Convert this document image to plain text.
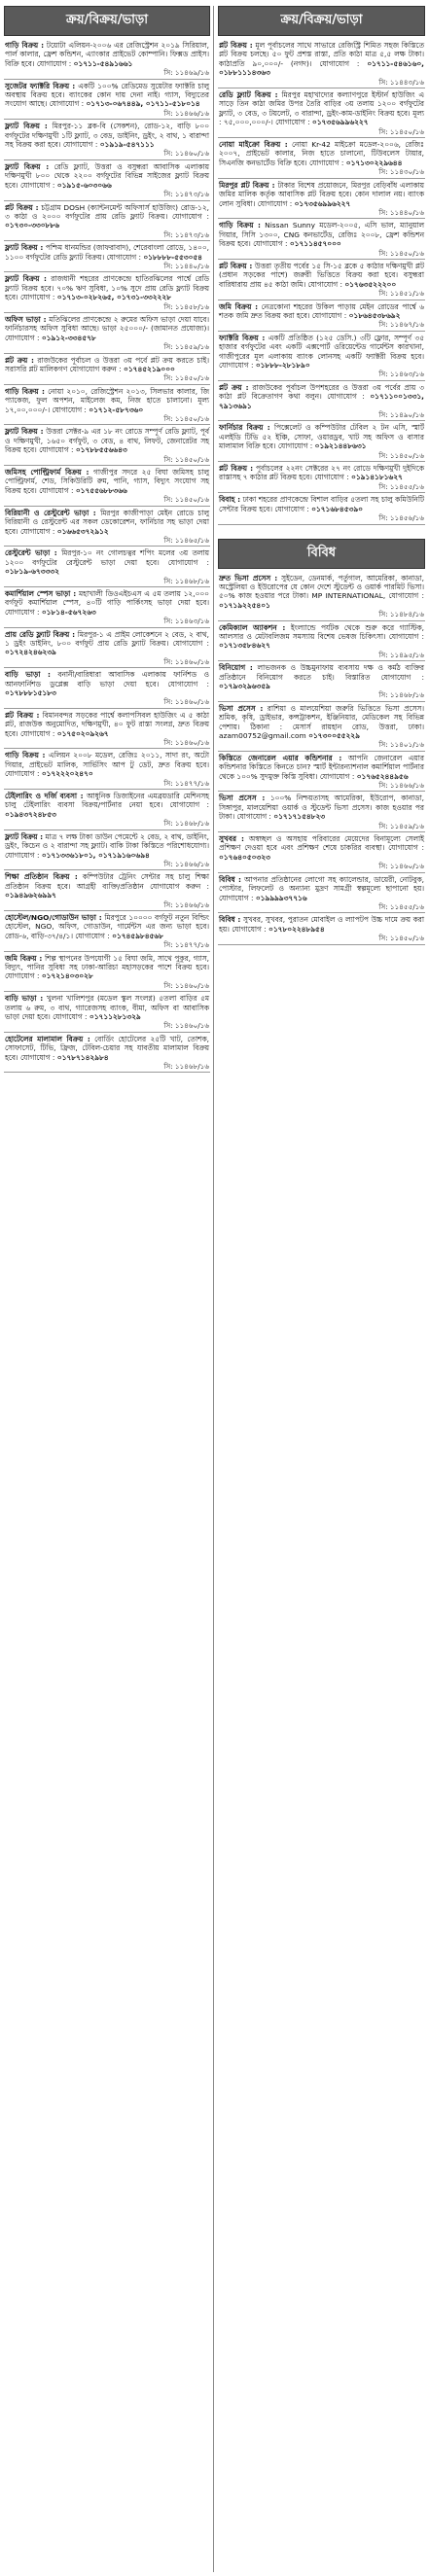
ক্রয়/বিক্রয়/ভাড়া

গাড়ি বিক্রয় : টয়োটা এলিয়ন-২০০৬ এর রেজিস্ট্রেশন ২০১৯ সিরিয়াল, পার্ল কালার, ফ্রেশ কন্ডিশন, এ্যাংকার প্রাইভেট কোম্পানি। ফিক্সড প্রাইস। বিক্রি হবে। যোগাযোগ : ০১৭১১-৫৪৯১৬৬১
সি: ১১৪৬৯/১৬

সুজেটর ফ্যাক্টরি বিক্রয় : একটি ১০০% রেডিমেড সুয়েটার ফ্যাক্টরি চালু অবস্থায় বিক্রয় হবে। ব্যাংকের কোন দায় দেনা নাই। গ্যাস, বিদ্যুতের সংযোগ আছে। যোগাযোগ : ০১৭১৩-০৬৭৪৪৯, ০১৭১১-৫১৮০১৪
সি: ১১৪৬৬/১৬

ফ্ল্যাট বিক্রয় : মিরপুর-১১ ব্লক-বি (সেকশন), রোড-১২, বাড়ি ৮০০ বর্গফুটের দক্ষিণমুখী ১টি ফ্ল্যাট, ৩ বেড, ডাইনিং, ড্রইং, ২ বাথ, ১ বারান্দা সহ বিক্রয় করা হবে। যোগাযোগ : ০১৯১৯-৫৪৭১১১
সি: ১১৪৬০/১৬

ফ্ল্যাট বিক্রয় : রেডি ফ্ল্যাট, উত্তরা ও বসুন্ধরা আবাসিক এলাকায় দক্ষিণমুখী ৮০০ থেকে ২২০০ বর্গফুটের বিভিন্ন সাইজের ফ্ল্যাট বিক্রয় হবে। যোগাযোগ : ০১৯১৫-৬০৩০৬৬
সি: ১১৪৭৩/১৬

প্লট বিক্রয় : চট্টগ্রাম DOSH (ক্যান্টনমেন্ট অফিসার্স হাউজিং) রোড-১২, ৩ কাঠা ও ২০০০ বর্গফুটের প্রায় রেডি ফ্ল্যাট বিক্রয়। যোগাযোগ : ০১৭৩০-৩৩০৮৮৬
সি: ১১৪৭৩/১৬

ফ্ল্যাট বিক্রয় : পশ্চিম ধানমন্ডির (জাফরাবাদ), শেরেবাংলা রোডে, ১৪০০, ১১০০ বর্গফুটের রেডি ফ্ল্যাট বিক্রয়। যোগাযোগ : ০১৮৮৮৮-৫৫৩০৫৪
সি: ১১৪৪০/১৬

ফ্ল্যাট বিক্রয় : রাজধানী শহরের প্রাণকেন্দ্রে হাতিরঝিলের পার্শ্বে রেডি ফ্ল্যাট বিক্রয় হবে। ৭০% ঋণ সুবিধা, ১০% সুদে প্রায় রেডি ফ্ল্যাট বিক্রয় হবে। যোগাযোগ : ০১৭১৩-০২৮২৬৫, ০১৭৩১-৩৩২২২৮
সি: ১১৪৫৮/১৬

অফিস ভাড়া : মতিঝিলের প্রাণকেন্দ্রে ২ রুমের অফিস ভাড়া দেয়া যাবে। ফার্নিচারসহ অফিস সুবিধা আছে। ভাড়া ২৫০০০/- (জামানত প্রযোজ্য)। যোগাযোগ : ০১৯১২-৩৩৪৫৭৮
সি: ১১৪৫৯/১৬

প্লট ক্রয় : রাজউকের পূর্বাচল ও উত্তরা ৩য় পর্বে প্লট ক্রয় করতে চাই। সরাসরি প্লট মালিকগণ যোগাযোগ করুন : ০১৭৪৫২১৯০০০
সি: ১১৪৫০/১৬

গাড়ি বিক্রয় : নোয়া ২০১০, রেজিস্ট্রেশন ২০১৩, সিলভার কালার, জি প্যাকেজ, ফুল অপশন, মাইলেজ কম, নিজ হাতে চালানো। মূল্য ১৭,০০,০০০/-। যোগাযোগ : ০১৭১২-৫৮৭৩৬০
সি: ১১৪৫০/১৬

ফ্ল্যাট বিক্রয় : উত্তরা সেক্টর-৯ এর ১৮ নং রোডে সম্পূর্ণ রেডি ফ্ল্যাট, পূর্ব ও দক্ষিণমুখী, ১৬৫০ বর্গফুট, ৩ বেড, ৪ বাথ, লিফট, জেনারেটর সহ বিক্রয় হবে। যোগাযোগ : ০১৭৮৮৫৫৬৬৪৩
সি: ১১৪৫০/১৬

জমিসহ পোল্ট্রিফার্ম বিক্রয় : গাজীপুর সদরে ২৫ বিঘা জমিসহ চালু পোল্ট্রিফার্ম, শেড, সিকিউরিটি রুম, পানি, গ্যাস, বিদ্যুৎ সংযোগ সহ বিক্রয় হবে। যোগাযোগ : ০১৭৫৫৬৮৮৩৬৬
সি: ১১৪৫০/১৬

বিরিয়ানী ও রেস্টুরেন্ট ভাড়া : মিরপুর কাজীপাড়া মেইন রোডে চালু বিরিয়ানী ও রেস্টুরেন্ট এর সকল ডেকোরেশন, ফার্নিচার সহ ভাড়া দেয়া হবে। যোগাযোগ : ০১৬৬৫৩৭২৯১২
সি: ১১৪৬৫/১৬

রেস্টুরেন্ট ভাড়া : মিরপুর-১০ নং গোলচত্বর শপিং মলের ৩য় তলায় ১২০০ বর্গফুটের রেস্টুরেন্ট ভাড়া দেয়া হবে। যোগাযোগ : ০১৮১৯-৬৭৩৩৩২
সি: ১১৪৬৮/১৬

কমার্শিয়াল স্পেস ভাড়া : মহাখালী ডিওএইচএস এ ৫ম তলায় ১২,০০০ বর্গফুট কমার্শিয়াল স্পেস, ৪০টি গাড়ি পার্কিংসহ ভাড়া দেয়া হবে। যোগাযোগ : ০১৮১৪-৫৬৭২৬৩
সি: ১১৪৬৩/১৬

প্রায় রেডি ফ্ল্যাট বিক্রয় : মিরপুর-১ এ প্রাইম লোকেশনে ২ বেড, ২ বাথ, ১ ড্রইং ডাইনিং, ৮০০ বর্গফুট প্রায় রেডি ফ্ল্যাট বিক্রয়। যোগাযোগ : ০১৭২৪২৪৬২৩৯
সি: ১১৪৬০/১৬

বাড়ি ভাড়া : বনানী/বারিধারা আবাসিক এলাকায় ফার্নিশড ও আনফার্নিশড ডুপ্লেক্স বাড়ি ভাড়া দেয়া হবে। যোগাযোগ : ০১৭৮৮৮১৫১৮৩
সি: ১১৪৬০/১৬

প্লট বিক্রয় : বিমানবন্দর সড়কের পার্শ্বে কলাপসিবল হাউজিং এ ৫ কাঠা প্লট, রাজউক অনুমোদিত, দক্ষিণমুখী, ৪০ ফুট রাস্তা সংলগ্ন, দ্রুত বিক্রয় হবে। যোগাযোগ : ০১৭৫০২০৯২৬৭
সি: ১১৪৬০/১৬

গাড়ি বিক্রয় : এলিয়ন ২০০৮ মডেল, রেজিঃ ২০১১, সাদা রং, অটো গিয়ার, প্রাইভেট মালিক, সার্ভিসিং আপ টু ডেট, দ্রুত বিক্রয় হবে। যোগাযোগ : ০১৭২২২০২৪৭০
সি: ১১৪৭৭/১৬

টেইলারিং ও দর্জি ব্যবসা : আধুনিক ডিজাইনের এমব্রয়ডারি মেশিনসহ চালু টেইলারিং ব্যবসা বিক্রয়/পার্টনার নেয়া হবে। যোগাযোগ : ০১৯৪৩৭২৪৮৫৩
সি: ১১৪৬৮/১৬

ফ্ল্যাট বিক্রয় : মাত্র ৭ লক্ষ টাকা ডাউন পেমেন্টে ২ বেড, ২ বাথ, ডাইনিং, ড্রইং, কিচেন ও ২ বারান্দা সহ ফ্ল্যাট। বাকি টাকা কিস্তিতে পরিশোধযোগ্য। যোগাযোগ : ০১৭১৩৩৬১৮০১, ০১৭১৯১৬০৬৯৪
সি: ১১৪৬৬/১৬

শিক্ষা প্রতিষ্ঠান বিক্রয় : কম্পিউটার ট্রেনিং সেন্টার সহ চালু শিক্ষা প্রতিষ্ঠান বিক্রয় হবে। আগ্রহী ব্যক্তি/প্রতিষ্ঠান যোগাযোগ করুন : ০১৯৪৯৬২৬৯৯৭
সি: ১১৪৬৬/১৬

হোস্টেল/NGO/গোডাউন ভাড়া : মিরপুরে ১০০০০ বর্গফুট নতুন বিল্ডিং হোস্টেল, NGO, অফিস, গোডাউন, গার্মেন্টস এর জন্য ভাড়া হবে। রোড-৬, বাড়ি-৩৭/৪/১। যোগাযোগ : ০১৭৪৫৯৮৪৫৬৮
সি: ১১৪৭৭/১৬

জমি বিক্রয় : শিল্প স্থাপনের উপযোগী ১৫ বিঘা জমি, সাথে পুকুর, গ্যাস, বিদ্যুৎ, পানির সুবিধা সহ ঢাকা-আরিচা মহাসড়কের পাশে বিক্রয় হবে। যোগাযোগ : ০১৭২১৪০৩০২৮
সি: ১১৪৬০/১৬

বাড়ি ভাড়া : খুলনা খালিশপুর (মডেল স্কুল সংলগ্ন) ৫তলা বাড়ির ৫ম তলায় ৬ রুম, ৩ বাথ, গ্যারেজসহ ব্যাংক, বীমা, অফিস বা আবাসিক ভাড়া দেয়া হবে। যোগাযোগ : ০১৭১১২৮১৩২৯
সি: ১১৪৬০/১৬

হোটেলের মালামাল বিক্রয় : বোর্ডিং হোটেলের ২৫টি খাট, তোশক, সোফাসেট, টিভি, ফ্রিজ, টেবিল-চেয়ার সহ যাবতীয় মালামাল বিক্রয় হবে। যোগাযোগ : ০১৭৮৭১৪২৯৮৪
সি: ১১৪৬৮/১৬

ক্রয়/বিক্রয়/ভাড়া

প্লট বিক্রয় : মূল পূর্বাচলের সাথে সাভারে রেজিস্ট্রি শিমিত সহজ কিস্তিতে প্লট বিক্রয় চলছে। ৫০ ফুট প্রশস্ত রাস্তা, প্রতি কাঠা মাত্র ৫,৫ লক্ষ টাকা। কাঠাপ্রতি ৯০,০০০/- (নগদ)। যোগাযোগ : ০১৭১১-৫৪৬১৬০, ০১৮৮১১১৪৩৬৩
সি: ১১৪৪৩/১৬

রেডি ফ্ল্যাট বিক্রয় : মিরপুর মহাখাদ্যের কল্যাণপুরে ইস্টার্ন হাউজিং এ সাড়ে তিন কাঠা জমির উপর তৈরি বাড়ির ৩য় তলায় ১২০০ বর্গফুটের ফ্ল্যাট, ৩ বেড, ৩ টয়লেট, ৩ বারান্দা, ড্রইং-কাম-ডাইনিং বিক্রয় হবে। মূল্য : ৭৫,০০০,০০০/-। যোগাযোগ : ০১৭৩৫৬৯৯৬২২৭
সি: ১১৪৫০/১৬

নোয়া মাইক্রো বিক্রয় : নোয়া Kr-42 মাইক্রো মডেল-২০০৬, রেজিঃ ২০০৭, প্রাইভেট কালার, নিজ হাতে চালানো, টিউবলেস টায়ার, সিএনজি কনভার্টেড বিক্রি হবে। যোগাযোগ : ০১৭১৩০২২৯৬৪৪
সি: ১১৪৩০/১৬

মিরপুর প্লট বিক্রয় : টাকার বিশেষ প্রয়োজনে, মিরপুর বেড়িবাঁধ এলাকায় জমির মালিক কর্তৃক আবাসিক প্লট বিক্রয় হবে। কোন দালাল নয়। ব্যাংক লোন সুবিধা। যোগাযোগ : ০১৭৩৫৬৯৯৬২২৭
সি: ১১৪৪০/১৬

গাড়ি বিক্রয় : Nissan Sunny মডেল-২০০৫, এসি ভাল, ম্যানুয়াল গিয়ার, সিসি ১৩০০, CNG কনভার্টেড, রেজিঃ ২০০৮, ফ্রেশ কন্ডিশন বিক্রয় হবে। যোগাযোগ : ০১৭১১৪৫৭০০০
সি: ১১৪৫০/১৬

প্লট বিক্রয় : উত্তরা তৃতীয় পর্বের ১৫ সি-১৫ ব্লকে ৫ কাঠার দক্ষিণমুখী প্লট (প্রধান সড়কের পাশে) জরুরী ভিত্তিতে বিক্রয় করা হবে। বসুন্ধরা বারিধারায় প্রায় ৪৫ কাঠা জমি। যোগাযোগ : ০১৭৬৩৫২২২০০
সি: ১১৪৫১/১৬

জমি বিক্রয় : নেত্রকোনা শহরের উকিল পাড়ায় মেইন রোডের পার্শ্বে ৬ শতক জমি দ্রুত বিক্রয় করা হবে। যোগাযোগ : ০১৮৬৪৫৩৮৬৯২
সি: ১১৪৬৭/১৬

ফ্যাক্টরি বিক্রয় : একটি প্রতিষ্ঠিত (১২৫ ডেসি.) ৩টি ফ্লোর, সম্পূর্ণ ৩৫ হাজার বর্গফুটের এবং একটি এক্সপোর্ট ওরিয়েন্টেড গার্মেন্টস কারখানা, গাজীপুরের মূল এলাকায় ব্যাংক লোনসহ একটি ফ্যাক্টরী বিক্রয় হবে। যোগাযোগ : ০১৮৮৮-২৮১৮৯০
সি: ১১৪৬৩/১৬

প্লট ক্রয় : রাজউকের পূর্বাচল উপশহরের ও উত্তরা ৩য় পর্বের প্রায় ৩ কাঠা প্লট বিক্রেতাগণ কথা বলুন। যোগাযোগ : ০১৭১১০০১৩৩১, ৭৯১৩৬৯১
সি: ১১৪৯০/১৬

ফার্নিচার বিক্রয় : পিক্সেলেট ও কম্পিউটার টেবিল ২ টন এসি, স্মার্ট এলইডি টিভি ৫২ ইঞ্চি, সোফা, ওয়ারড্রব, খাট সহ অফিস ও বাসার মালামাল বিক্রি হবে। যোগাযোগ : ০১৯২১৪৪৮৬৩১
সি: ১১৪৫০/১৬

প্লট বিক্রয় : পূর্বাচলের ২২নং সেক্টরের ২৭ নং রোডে দক্ষিণমুখী দুইদিকে রাস্তাসহ ৭ কাঠার প্লট বিক্রয় হবে। যোগাযোগ : ০১৯১৪১৮১৬২৭
সি: ১১৪৫৫/১৬

বিবাহ : ঢাকা শহরের প্রাণকেন্দ্রে বিশাল বাড়ির ৫তলা সহ চালু কমিউনিটি সেন্টার বিক্রয় হবে। যোগাযোগ : ০১৭১৬৮৪৫৩৯০
সি: ১১৪৫৬/১৬

বিবিধ

দ্রুত ভিসা প্রসেস : সুইডেন, ডেনমার্ক, পর্তুগাল, আমেরিকা, কানাডা, অস্ট্রেলিয়া ও ইউরোপের যে কোন দেশে স্টুডেন্ট ও ওয়ার্ক পারমিট ভিসা। ৫০% কাজ হওয়ার পরে টাকা। MP INTERNATIONAL, যোগাযোগ : ০১৭১৯২২৫৪০১
সি: ১১৪৮৪/১৬

কেমিক্যাল অ্যাকশন : ইংল্যান্ডে পর্যটক থেকে শুরু করে গ্যাস্টিক, আলসার ও মেটাবলিজম সমস্যায় বিশেষ ভেষজ চিকিৎসা। যোগাযোগ : ০১৭১৩৫৮৪৬২৭
সি: ১১৪৯৫/১৬

বিনিয়োগ : লাভজনক ও উচ্চমুনাফায় ব্যবসায় দক্ষ ও কর্মঠ ব্যক্তির প্রতিষ্ঠানে বিনিয়োগ করতে চাই। বিস্তারিত যোগাযোগ : ০১৭৯৩২৯৬৩৫৯
সি: ১১৪৬৮/১৬

ভিসা প্রসেস : রাশিয়া ও মালয়েশিয়া জরুরি ভিত্তিতে ভিসা প্রসেস। শ্রমিক, কৃষি, ড্রাইভার, কন্সট্রাকশন, ইঞ্জিনিয়ার, মেডিকেল সহ বিভিন্ন পেশায়। ঠিকানা : মেসার্স রায়হান রোড, উত্তরা, ঢাকা। azam00752@gmail.com ০১৭৩০০৫৫২২৯
সি: ১১৪০১/১৬

কিস্তিতে জেনারেল এয়ার কন্ডিশনার : আপনি জেনারেল এয়ার কন্ডিশনার কিস্তিতে কিনতে চান? স্মার্ট ইন্টারন্যাশনাল কমার্শিয়াল পার্টনার থেকে ১০০% সুদমুক্ত কিস্তি সুবিধা। যোগাযোগ : ০১৭৬৫২৪৪৯৫৬
সি: ১১৪৬৬/১৬

ভিসা প্রসেস : ১০০% নিশ্চয়তাসহ আমেরিকা, ইউরোপ, কানাডা, সিঙ্গাপুর, মালয়েশিয়া ওয়ার্ক ও স্টুডেন্ট ভিসা প্রসেস। কাজ হওয়ার পর টাকা। যোগাযোগ : ০১৭১৭১৫৪৮২৩
সি: ১১৪৫৯/১৬

সুখবর : অস্বচ্ছল ও অসহায় পরিবারের মেয়েদের বিনামূল্যে সেলাই প্রশিক্ষণ দেওয়া হবে এবং প্রশিক্ষণ শেষে চাকরির ব্যবস্থা। যোগাযোগ : ০১৭৬৪০৫০৩২৩
সি: ১১৪৬০/১৬

বিবিধ : আপনার প্রতিষ্ঠানের লোগো সহ ক্যালেন্ডার, ডায়েরী, নোটবুক, পোস্টার, লিফলেট ও অন্যান্য মুদ্রণ সামগ্রী স্বল্পমূল্যে ছাপানো হয়। যোগাযোগ : ০১৯৯৯৯৩৭৭১৬
সি: ১১৪৫৫/১৬

বিবিধ : সুখবর, সুখবর, পুরাতন মোবাইল ও ল্যাপটপ উচ্চ দামে ক্রয় করা হয়। যোগাযোগ : ০১৭৮০২২৪৮৯৫৪
সি: ১১৪৫০/১৬
